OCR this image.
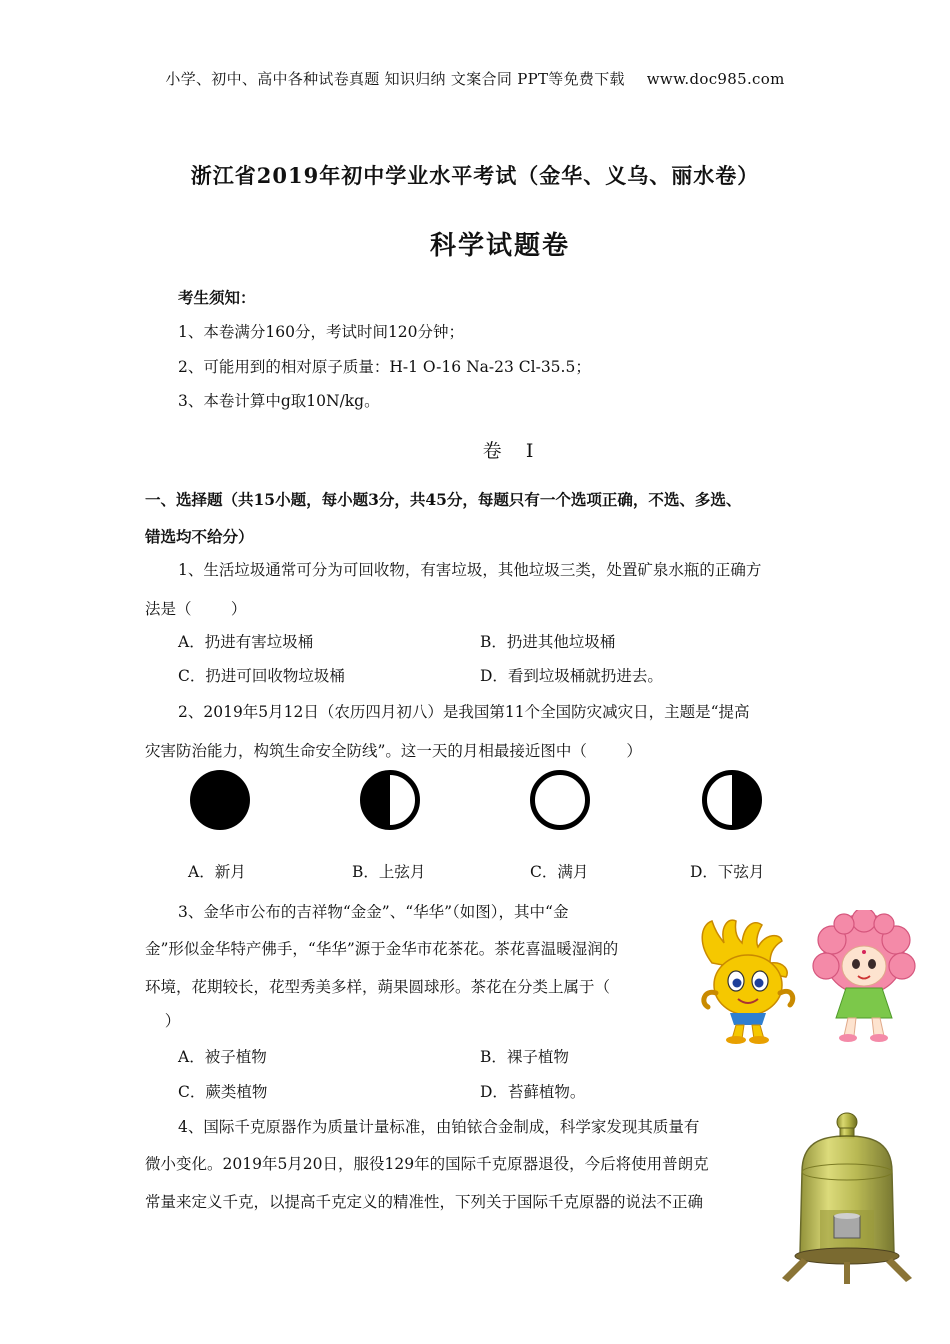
小学、初中、高中各种试卷真题 知识归纳 文案合同 PPT等免费下载 www.doc985.com
浙江省2019年初中学业水平考试（金华、义乌、丽水卷）
科学试题卷
考生须知：
1、本卷满分160分，考试时间120分钟；
2、可能用到的相对原子质量：H-1 O-16 Na-23 Cl-35.5；
3、本卷计算中g取10N/kg。
卷    I
一、选择题（共15小题，每小题3分，共45分，每题只有一个选项正确，不选、多选、
错选均不给分）
1、生活垃圾通常可分为可回收物，有害垃圾，其他垃圾三类，处置矿泉水瓶的正确方
法是（        ）
A．扔进有害垃圾桶	B．扔进其他垃圾桶
C．扔进可回收物垃圾桶	D．看到垃圾桶就扔进去。
2、2019年5月12日（农历四月初八）是我国第11个全国防灾减灾日，主题是“提高
灾害防治能力，构筑生命安全防线”。这一天的月相最接近图中（        ）
A．新月	B．上弦月	C．满月	D．下弦月
3、金华市公布的吉祥物“金金”、“华华”（如图），其中“金
金”形似金华特产佛手，“华华”源于金华市花茶花。茶花喜温暖湿润的
环境，花期较长，花型秀美多样，蒴果圆球形。茶花在分类上属于（
）
A．被子植物	B．裸子植物
C．蕨类植物	D．苔藓植物。
4、国际千克原器作为质量计量标准，由铂铱合金制成，科学家发现其质量有
微小变化。2019年5月20日，服役129年的国际千克原器退役，今后将使用普朗克
常量来定义千克，以提高千克定义的精准性，下列关于国际千克原器的说法不正确
